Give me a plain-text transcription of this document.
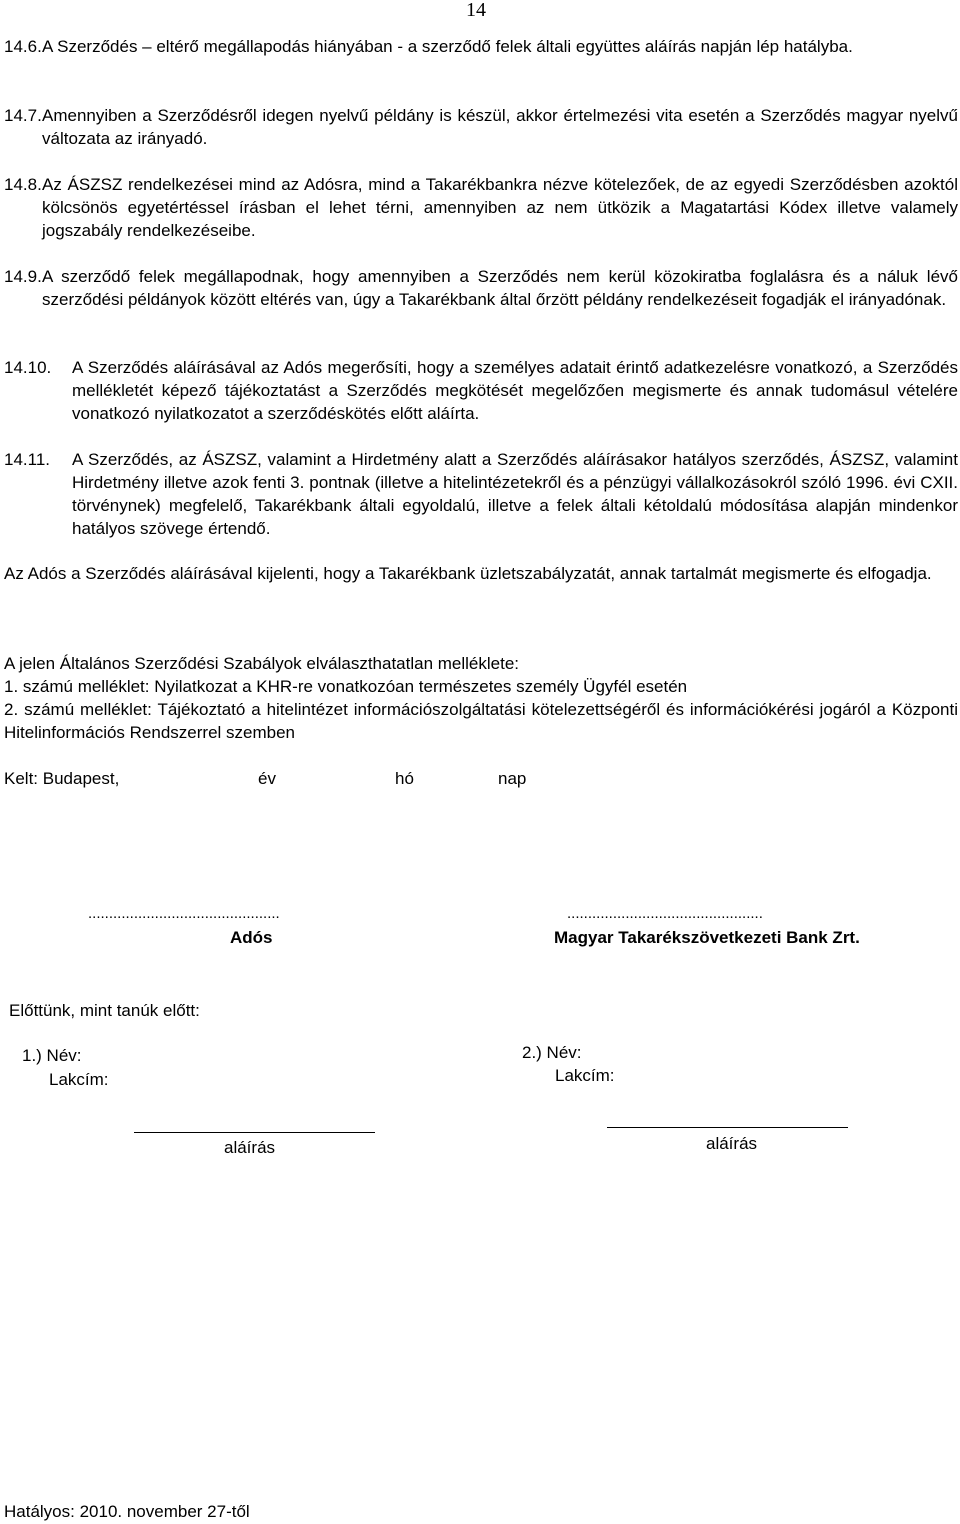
14
14.6. A Szerződés – eltérő megállapodás hiányában - a szerződő felek általi együttes aláírás napján lép hatályba.
14.7. Amennyiben a Szerződésről idegen nyelvű példány is készül, akkor értelmezési vita esetén a Szerződés magyar nyelvű változata az irányadó.
14.8. Az ÁSZSZ rendelkezései mind az Adósra, mind a Takarékbankra nézve kötelezőek, de az egyedi Szerződésben azoktól kölcsönös egyetértéssel írásban el lehet térni, amennyiben az nem ütközik a Magatartási Kódex illetve valamely jogszabály rendelkezéseibe.
14.9. A szerződő felek megállapodnak, hogy amennyiben a Szerződés nem kerül közokiratba foglalásra és a náluk lévő szerződési példányok között eltérés van, úgy a Takarékbank által őrzött példány rendelkezéseit fogadják el irányadónak.
14.10. A Szerződés aláírásával az Adós megerősíti, hogy a személyes adatait érintő adatkezelésre vonatkozó, a Szerződés mellékletét képező tájékoztatást a Szerződés megkötését megelőzően megismerte és annak tudomásul vételére vonatkozó nyilatkozatot a szerződéskötés előtt aláírta.
14.11. A Szerződés, az ÁSZSZ, valamint a Hirdetmény alatt a Szerződés aláírásakor hatályos szerződés, ÁSZSZ, valamint Hirdetmény illetve azok fenti 3. pontnak (illetve a hitelintézetekről és a pénzügyi vállalkozásokról szóló 1996. évi CXII. törvénynek) megfelelő, Takarékbank általi egyoldalú, illetve a felek általi kétoldalú módosítása alapján mindenkor hatályos szövege értendő.
Az Adós a Szerződés aláírásával kijelenti, hogy a Takarékbank üzletszabályzatát, annak tartalmát megismerte és elfogadja.
A jelen Általános Szerződési Szabályok elválaszthatatlan melléklete:
1. számú melléklet: Nyilatkozat a KHR-re vonatkozóan természetes személy Ügyfél esetén
2. számú melléklet: Tájékoztató a hitelintézet információszolgáltatási kötelezettségéről és információkérési jogáról a Központi Hitelinformációs Rendszerrel szemben
Kelt: Budapest,	év	hó	nap
..............................................	...............................................
Adós	Magyar Takarékszövetkezeti Bank Zrt.
Előttünk, mint tanúk előtt:
1.) Név:
Lakcím:
2.) Név:
Lakcím:
aláírás	aláírás
Hatályos: 2010. november 27-től
